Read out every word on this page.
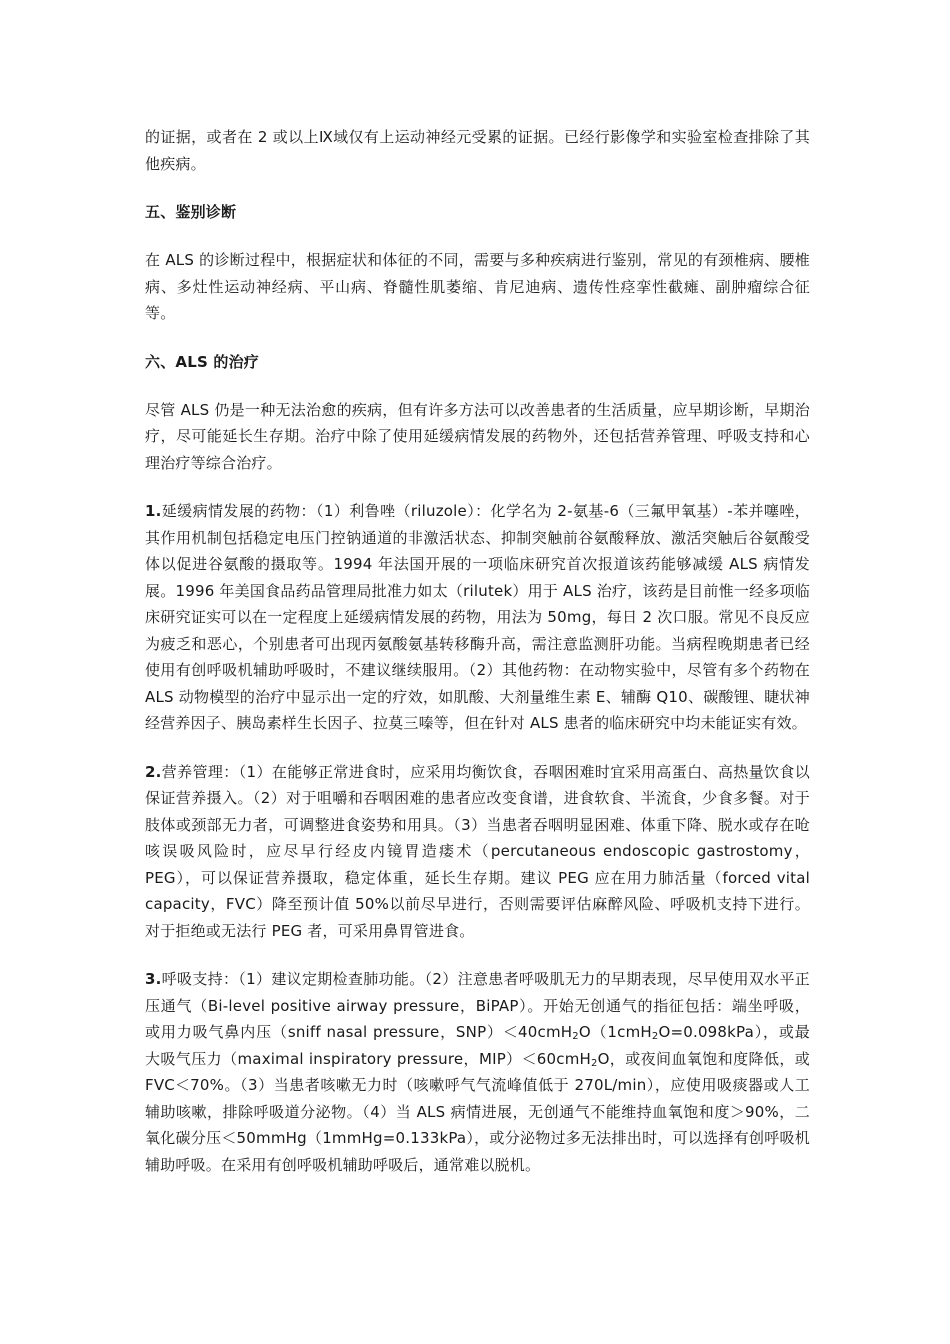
的证据，或者在 2 或以上Ⅸ域仅有上运动神经元受累的证据。已经行影像学和实验室检查排除了其他疾病。

五、鉴别诊断

在 ALS 的诊断过程中，根据症状和体征的不同，需要与多种疾病进行鉴别，常见的有颈椎病、腰椎病、多灶性运动神经病、平山病、脊髓性肌萎缩、肯尼迪病、遗传性痉挛性截瘫、副肿瘤综合征等。

六、ALS 的治疗

尽管 ALS 仍是一种无法治愈的疾病，但有许多方法可以改善患者的生活质量，应早期诊断，早期治疗，尽可能延长生存期。治疗中除了使用延缓病情发展的药物外，还包括营养管理、呼吸支持和心理治疗等综合治疗。

1.延缓病情发展的药物：（1）利鲁唑（riluzole）：化学名为 2-氨基-6（三氟甲氧基）-苯并噻唑，其作用机制包括稳定电压门控钠通道的非激活状态、抑制突触前谷氨酸释放、激活突触后谷氨酸受体以促进谷氨酸的摄取等。1994 年法国开展的一项临床研究首次报道该药能够减缓 ALS 病情发展。1996 年美国食品药品管理局批准力如太（rilutek）用于 ALS 治疗，该药是目前惟一经多项临床研究证实可以在一定程度上延缓病情发展的药物，用法为 50mg，每日 2 次口服。常见不良反应为疲乏和恶心，个别患者可出现丙氨酸氨基转移酶升高，需注意监测肝功能。当病程晚期患者已经使用有创呼吸机辅助呼吸时，不建议继续服用。（2）其他药物：在动物实验中，尽管有多个药物在 ALS 动物模型的治疗中显示出一定的疗效，如肌酸、大剂量维生素 E、辅酶 Q10、碳酸锂、睫状神经营养因子、胰岛素样生长因子、拉莫三嗪等，但在针对 ALS 患者的临床研究中均未能证实有效。

2.营养管理：（1）在能够正常进食时，应采用均衡饮食，吞咽困难时宜采用高蛋白、高热量饮食以保证营养摄入。（2）对于咀嚼和吞咽困难的患者应改变食谱，进食软食、半流食，少食多餐。对于肢体或颈部无力者，可调整进食姿势和用具。（3）当患者吞咽明显困难、体重下降、脱水或存在呛咳误吸风险时，应尽早行经皮内镜胃造瘘术（percutaneous endoscopic gastrostomy，PEG），可以保证营养摄取，稳定体重，延长生存期。建议 PEG 应在用力肺活量（forced vital capacity，FVC）降至预计值 50%以前尽早进行，否则需要评估麻醉风险、呼吸机支持下进行。对于拒绝或无法行 PEG 者，可采用鼻胃管进食。

3.呼吸支持：（1）建议定期检查肺功能。（2）注意患者呼吸肌无力的早期表现，尽早使用双水平正压通气（Bi-level positive airway pressure，BiPAP）。开始无创通气的指征包括：端坐呼吸，或用力吸气鼻内压（sniff nasal pressure，SNP）＜40cmH$_2$O（1cmH$_2$O=0.098kPa），或最大吸气压力（maximal inspiratory pressure，MIP）＜60cmH$_2$O，或夜间血氧饱和度降低，或 FVC＜70%。（3）当患者咳嗽无力时（咳嗽呼气气流峰值低于 270L/min），应使用吸痰器或人工辅助咳嗽，排除呼吸道分泌物。（4）当 ALS 病情进展，无创通气不能维持血氧饱和度＞90%，二氧化碳分压＜50mmHg（1mmHg=0.133kPa），或分泌物过多无法排出时，可以选择有创呼吸机辅助呼吸。在采用有创呼吸机辅助呼吸后，通常难以脱机。
